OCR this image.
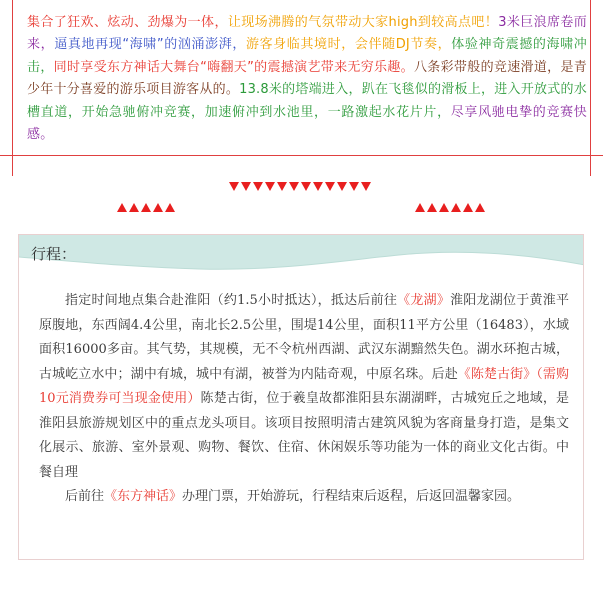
集合了狂欢、炫动、劲爆为一体，让现场沸腾的气氛带动大家high到较高点吧！3米巨浪席卷而来，逼真地再现“海啸”的汹涌澎湃，游客身临其境时，会伴随DJ节奏，体验神奇震撼的海啸冲击，同时享受东方神话大舞台“嗨翻天”的震撼演艺带来无穷乐趣。八条彩带般的竞速滑道，是青少年十分喜爱的游乐项目游客从的。13.8米的塔端进入，趴在飞毯似的滑板上，进入开放式的水槽直道，开始急驰俯冲竞赛，加速俯冲到水池里，一路激起水花片片，尽享风驰电挚的竞赛快感。
行程：

指定时间地点集合赴淮阳（约1.5小时抵达），抵达后前往《龙湖》淮阳龙湖位于黄淮平原腹地，东西阔4.4公里，南北长2.5公里，围堤14公里，面积11平方公里（16483），水域面积16000多亩。其气势，其规模，无不令杭州西湖、武汉东湖黯然失色。湖水环抱古城，古城屹立水中；湖中有城，城中有湖，被誉为内陆奇观，中原名珠。后赴《陈楚古街》（需购10元消费券可当现金使用）陈楚古街，位于羲皇故都淮阳县东湖湖畔，古城宛丘之地域，是淮阳县旅游规划区中的重点龙头项目。该项目按照明清古建筑风貌为客商量身打造，是集文化展示、旅游、室外景观、购物、餐饮、住宿、休闲娱乐等功能为一体的商业文化古街。中餐自理

后前往《东方神话》办理门票，开始游玩，行程结束后返程，后返回温馨家园。
